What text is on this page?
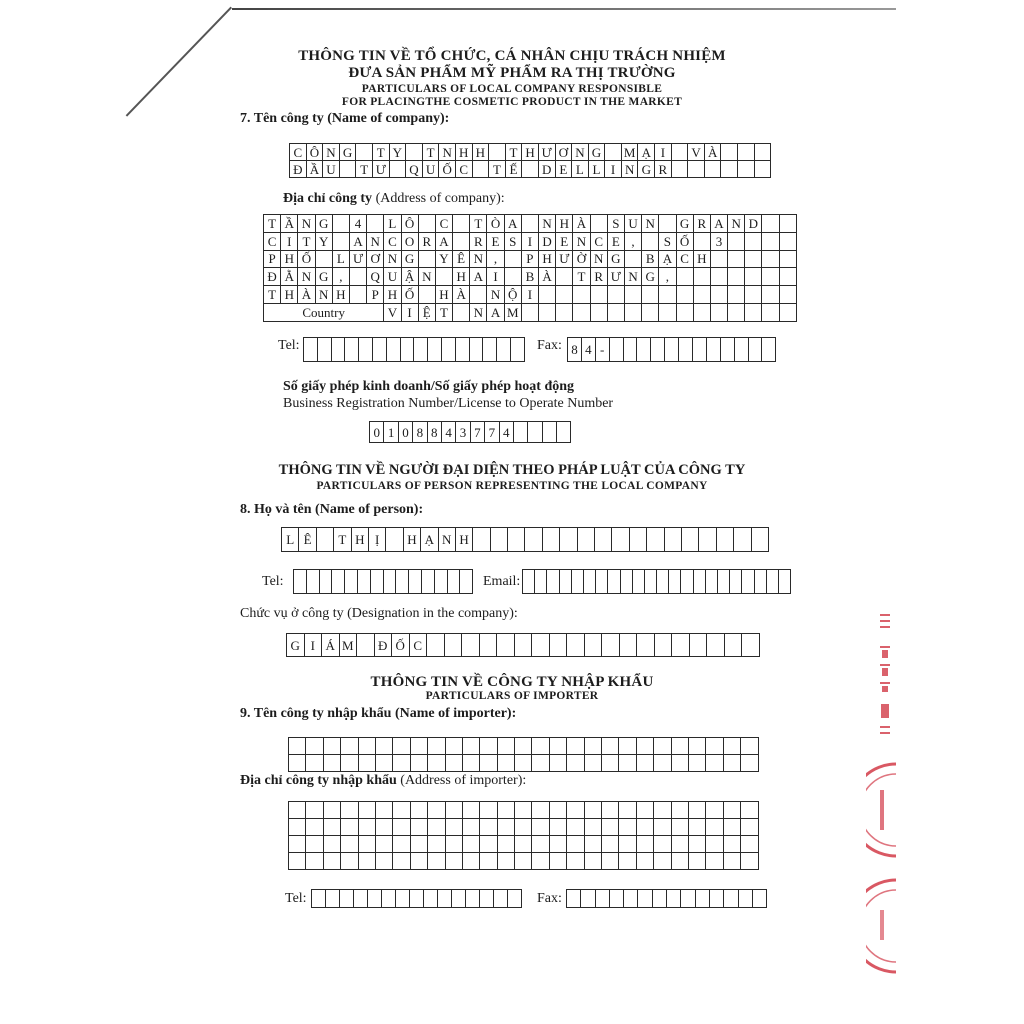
THÔNG TIN VỀ TỔ CHỨC, CÁ NHÂN CHỊU TRÁCH NHIỆM
ĐƯA SẢN PHẨM MỸ PHẨM RA THỊ TRƯỜNG
PARTICULARS OF LOCAL COMPANY RESPONSIBLE
FOR PLACINGTHE COSMETIC PRODUCT IN THE MARKET
7. Tên công ty (Name of company):
C	Ô	N	G		T	Y		T	N	H	H		T	H	Ư	Ơ	N	G		M	Ạ	I		V	À			
Đ	Ầ	U		T	Ư		Q	U	Ố	C		T	Ế		D	E	L	L	I	N	G	R						
Địa chỉ công ty (Address of company):
T	Ầ	N	G		4		L	Ô		C		T	Ò	A		N	H	À		S	U	N		G	R	A	N	D		
C	I	T	Y		A	N	C	O	R	A		R	E	S	I	D	E	N	C	E	,		S	Ố		3				
P	H	Ố		L	Ư	Ơ	N	G		Y	Ê	N	,		P	H	Ư	Ờ	N	G		B	Ạ	C	H					
Đ	Ằ	N	G	,		Q	U	Ậ	N		H	A	I		B	À		T	R	Ư	N	G	,							
T	H	À	N	H		P	H	Ố		H	À		N	Ộ	I															
Country							V	I	Ệ	T		N	A	M																
Tel:
																Fax: 8	4	-												
Số giấy phép kinh doanh/Số giấy phép hoạt động
Business Registration Number/License to Operate Number
0	1	0	8	8	4	3	7	7	4				
THÔNG TIN VỀ NGƯỜI ĐẠI DIỆN THEO PHÁP LUẬT CỦA CÔNG TY
PARTICULARS OF PERSON REPRESENTING THE LOCAL COMPANY
8. Họ và tên (Name of person):
L	Ê		T	H	Ị		H	Ạ	N	H																	
Tel:
														Email:

Chức vụ ở công ty (Designation in the company):
G	I	Á	M		Đ	Ố	C																			
THÔNG TIN VỀ CÔNG TY NHẬP KHẨU
PARTICULARS OF IMPORTER
9. Tên công ty nhập khẩu (Name of importer):

Địa chỉ công ty nhập khẩu (Address of importer):

Tel:
															Fax:
